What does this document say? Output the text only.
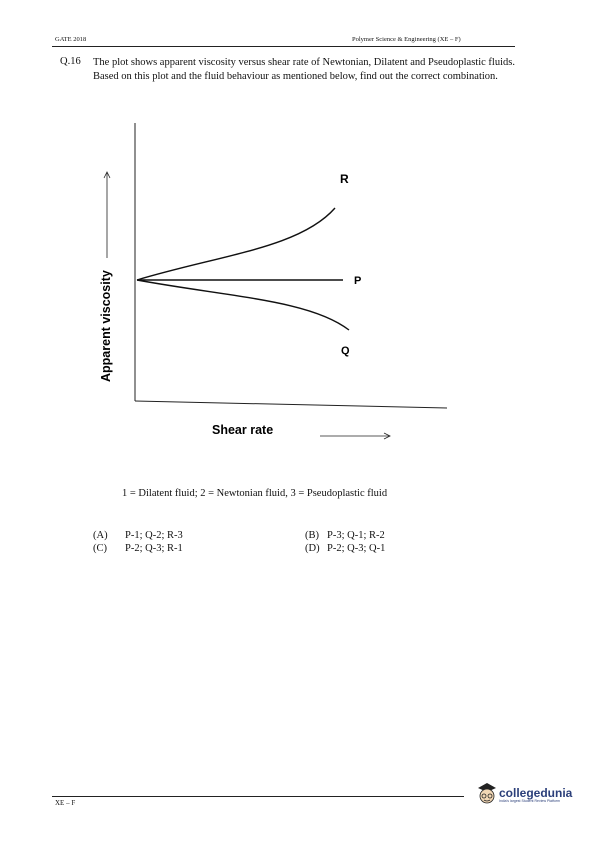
GATE 2018	Polymer Science & Engineering (XE – F)
Q.16 The plot shows apparent viscosity versus shear rate of Newtonian, Dilatent and Pseudoplastic fluids. Based on this plot and the fluid behaviour as mentioned below, find out the correct combination.
R
P
Q
Shear rate
Apparent viscosity
1 = Dilatent fluid; 2 = Newtonian fluid, 3 = Pseudoplastic fluid
(A) P-1; Q-2; R-3	(B) P-3; Q-1; R-2
(C) P-2; Q-3; R-1	(D) P-2; Q-3; Q-1
XE – F
collegedunia
India's largest Student Review Platform
